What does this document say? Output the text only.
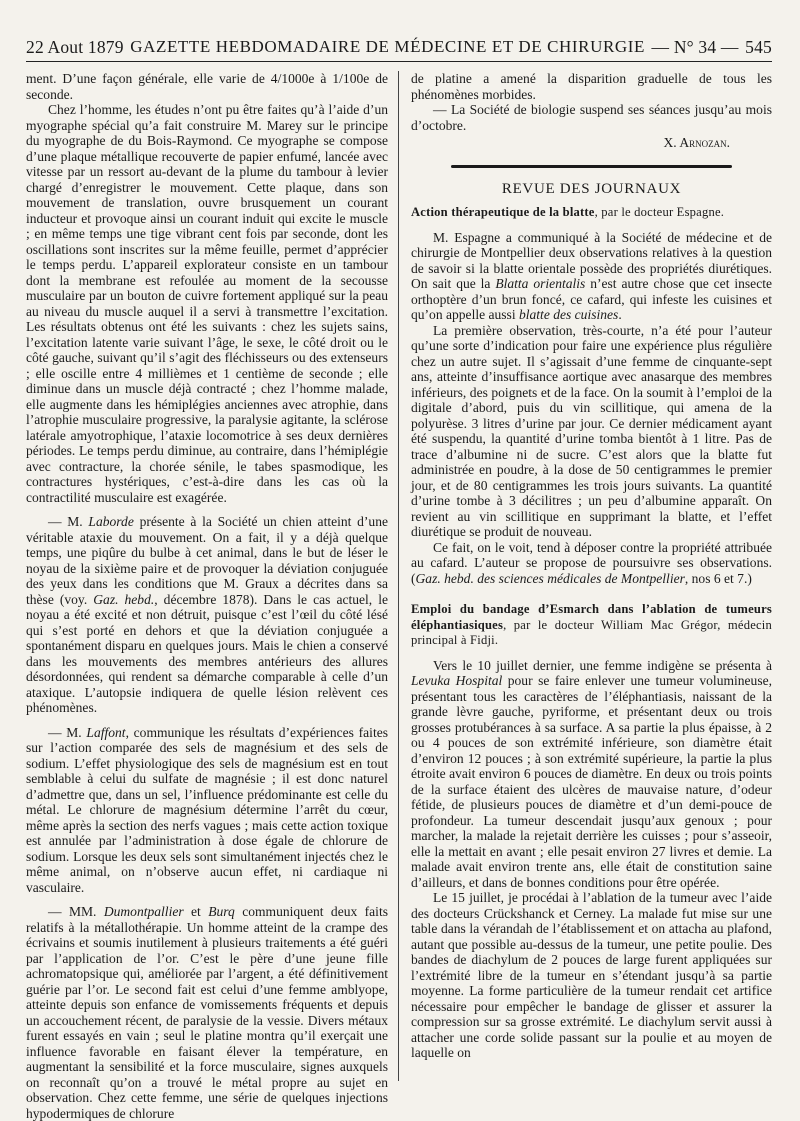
22 Aout 1879 GAZETTE HEBDOMADAIRE DE MÉDECINE ET DE CHIRURGIE — N° 34 — 545

ment. D’une façon générale, elle varie de 4/1000e à 1/100e de seconde.

Chez l’homme, les études n’ont pu être faites qu’à l’aide d’un myographe spécial qu’a fait construire M. Marey sur le principe du myographe de du Bois-Raymond. Ce myographe se compose d’une plaque métallique recouverte de papier enfumé, lancée avec vitesse par un ressort au-devant de la plume du tambour à levier chargé d’enregistrer le mouvement. Cette plaque, dans son mouvement de translation, ouvre brusquement un courant inducteur et provoque ainsi un courant induit qui excite le muscle ; en même temps une tige vibrant cent fois par seconde, dont les oscillations sont inscrites sur la même feuille, permet d’apprécier le temps perdu. L’appareil explorateur consiste en un tambour dont la membrane est refoulée au moment de la secousse musculaire par un bouton de cuivre fortement appliqué sur la peau au niveau du muscle auquel il a servi à transmettre l’excitation. Les résultats obtenus ont été les suivants : chez les sujets sains, l’excitation latente varie suivant l’âge, le sexe, le côté droit ou le côté gauche, suivant qu’il s’agit des fléchisseurs ou des extenseurs ; elle oscille entre 4 millièmes et 1 centième de seconde ; elle diminue dans un muscle déjà contracté ; chez l’homme malade, elle augmente dans les hémiplégies anciennes avec atrophie, dans l’atrophie musculaire progressive, la paralysie agitante, la sclérose latérale amyotrophique, l’ataxie locomotrice à ses deux dernières périodes. Le temps perdu diminue, au contraire, dans l’hémiplégie avec contracture, la chorée sénile, le tabes spasmodique, les contractures hystériques, c’est-à-dire dans les cas où la contractilité musculaire est exagérée.

— M. Laborde présente à la Société un chien atteint d’une véritable ataxie du mouvement. On a fait, il y a déjà quelque temps, une piqûre du bulbe à cet animal, dans le but de léser le noyau de la sixième paire et de provoquer la déviation conjuguée des yeux dans les conditions que M. Graux a décrites dans sa thèse (voy. Gaz. hebd., décembre 1878). Dans le cas actuel, le noyau a été excité et non détruit, puisque c’est l’œil du côté lésé qui s’est porté en dehors et que la déviation conjuguée a spontanément disparu en quelques jours. Mais le chien a conservé dans les mouvements des membres antérieurs des allures désordonnées, qui rendent sa démarche comparable à celle d’un ataxique. L’autopsie indiquera de quelle lésion relèvent ces phénomènes.

— M. Laffont, communique les résultats d’expériences faites sur l’action comparée des sels de magnésium et des sels de sodium. L’effet physiologique des sels de magnésium est en tout semblable à celui du sulfate de magnésie ; il est donc naturel d’admettre que, dans un sel, l’influence prédominante est celle du métal. Le chlorure de magnésium détermine l’arrêt du cœur, même après la section des nerfs vagues ; mais cette action toxique est annulée par l’administration à dose égale de chlorure de sodium. Lorsque les deux sels sont simultanément injectés chez le même animal, on n’observe aucun effet, ni cardiaque ni vasculaire.

— MM. Dumontpallier et Burq communiquent deux faits relatifs à la métallothérapie. Un homme atteint de la crampe des écrivains et soumis inutilement à plusieurs traitements a été guéri par l’application de l’or. C’est le père d’une jeune fille achromatopsique qui, améliorée par l’argent, a été définitivement guérie par l’or. Le second fait est celui d’une femme amblyope, atteinte depuis son enfance de vomissements fréquents et depuis un accouchement récent, de paralysie de la vessie. Divers métaux furent essayés en vain ; seul le platine montra qu’il exerçait une influence favorable en faisant élever la température, en augmentant la sensibilité et la force musculaire, signes auxquels on reconnaît qu’on a trouvé le métal propre au sujet en observation. Chez cette femme, une série de quelques injections hypodermiques de chlorure

de platine a amené la disparition graduelle de tous les phénomènes morbides.

— La Société de biologie suspend ses séances jusqu’au mois d’octobre.

X. Arnozan.

REVUE DES JOURNAUX

Action thérapeutique de la blatte, par le docteur Espagne.

M. Espagne a communiqué à la Société de médecine et de chirurgie de Montpellier deux observations relatives à la question de savoir si la blatte orientale possède des propriétés diurétiques. On sait que la Blatta orientalis n’est autre chose que cet insecte orthoptère d’un brun foncé, ce cafard, qui infeste les cuisines et qu’on appelle aussi blatte des cuisines.

La première observation, très-courte, n’a été pour l’auteur qu’une sorte d’indication pour faire une expérience plus régulière chez un autre sujet. Il s’agissait d’une femme de cinquante-sept ans, atteinte d’insuffisance aortique avec anasarque des membres inférieurs, des poignets et de la face. On la soumit à l’emploi de la digitale d’abord, puis du vin scillitique, qui amena de la polyurèse. 3 litres d’urine par jour. Ce dernier médicament ayant été suspendu, la quantité d’urine tomba bientôt à 1 litre. Pas de trace d’albumine ni de sucre. C’est alors que la blatte fut administrée en poudre, à la dose de 50 centigrammes le premier jour, et de 80 centigrammes les trois jours suivants. La quantité d’urine tombe à 3 décilitres ; un peu d’albumine apparaît. On revient au vin scillitique en supprimant la blatte, et l’effet diurétique se produit de nouveau.

Ce fait, on le voit, tend à déposer contre la propriété attribuée au cafard. L’auteur se propose de poursuivre ses observations. (Gaz. hebd. des sciences médicales de Montpellier, nos 6 et 7.)

Emploi du bandage d’Esmarch dans l’ablation de tumeurs éléphantiasiques, par le docteur William Mac Grégor, médecin principal à Fidji.

Vers le 10 juillet dernier, une femme indigène se présenta à Levuka Hospital pour se faire enlever une tumeur volumineuse, présentant tous les caractères de l’éléphantiasis, naissant de la grande lèvre gauche, pyriforme, et présentant deux ou trois grosses protubérances à sa surface. A sa partie la plus épaisse, à 2 ou 4 pouces de son extrémité inférieure, son diamètre était d’environ 12 pouces ; à son extrémité supérieure, la partie la plus étroite avait environ 6 pouces de diamètre. En deux ou trois points de la surface étaient des ulcères de mauvaise nature, d’odeur fétide, de plusieurs pouces de diamètre et d’un demi-pouce de profondeur. La tumeur descendait jusqu’aux genoux ; pour marcher, la malade la rejetait derrière les cuisses ; pour s’asseoir, elle la mettait en avant ; elle pesait environ 27 livres et demie. La malade avait environ trente ans, elle était de constitution saine d’ailleurs, et dans de bonnes conditions pour être opérée.

Le 15 juillet, je procédai à l’ablation de la tumeur avec l’aide des docteurs Crückshanck et Cerney. La malade fut mise sur une table dans la vérandah de l’établissement et on attacha au plafond, autant que possible au-dessus de la tumeur, une petite poulie. Des bandes de diachylum de 2 pouces de large furent appliquées sur l’extrémité libre de la tumeur en s’étendant jusqu’à sa partie moyenne. La forme particulière de la tumeur rendait cet artifice nécessaire pour empêcher le bandage de glisser et assurer la compression sur sa grosse extrémité. Le diachylum servit aussi à attacher une corde solide passant sur la poulie et au moyen de laquelle on
